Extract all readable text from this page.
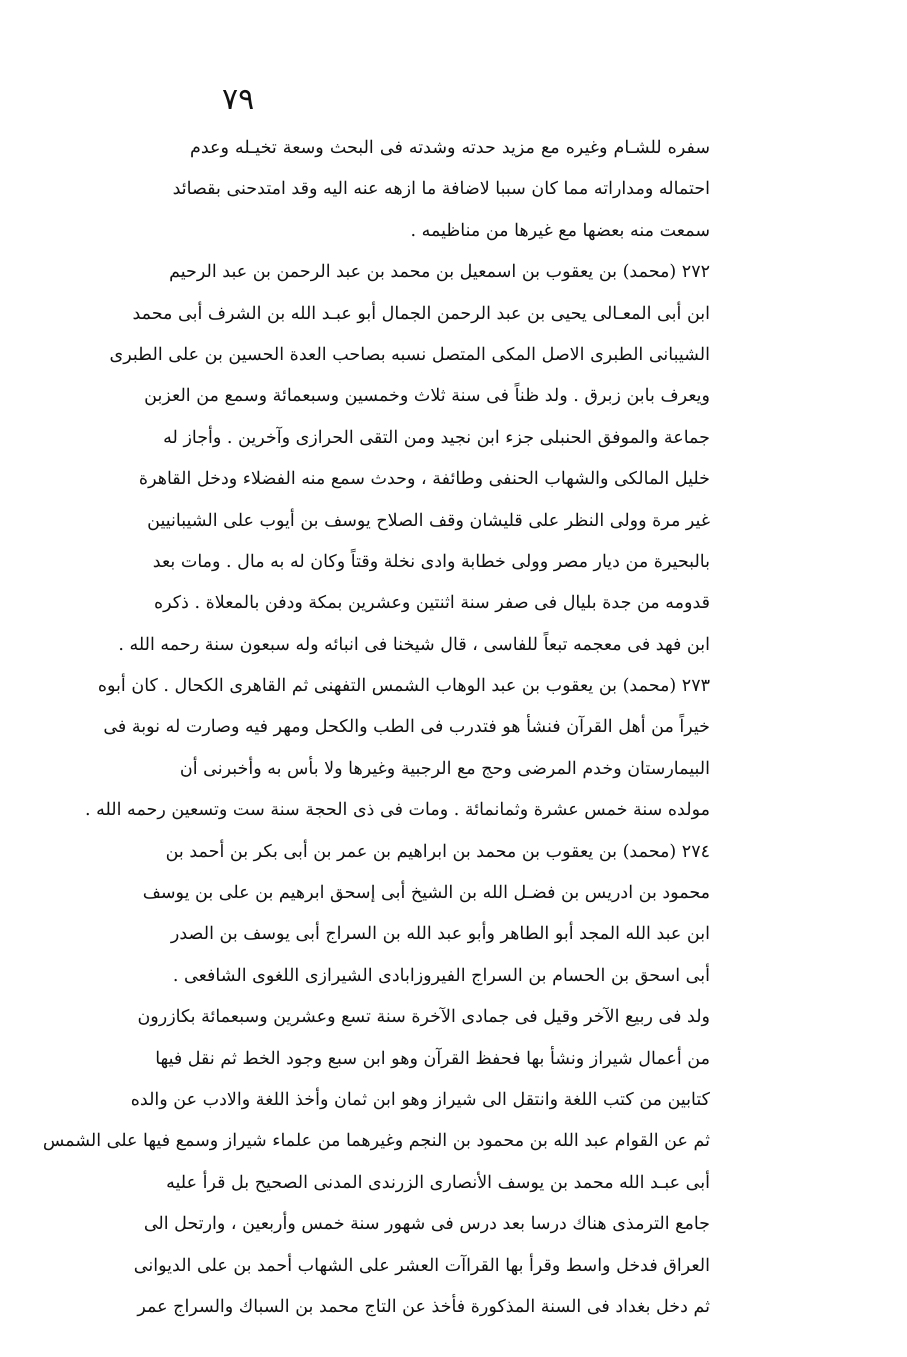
٧٩
سفره للشـام وغيره مع مزيد حدته وشدته فى البحث وسعة تخيـله وعدم
احتماله ومداراته مما كان سببا لاضافة ما ازهه عنه اليه وقد امتدحنى بقصائد
سمعت منه بعضها مع غيرها من مناظيمه .
٢٧٢ (محمد) بن يعقوب بن اسمعيل بن محمد بن عبد الرحمن بن عبد الرحيم
ابن أبى المعـالى يحيى بن عبد الرحمن الجمال أبو عبـد الله بن الشرف أبى محمد
الشيبانى الطبرى الاصل المكى المتصل نسبه بصاحب العدة الحسين بن على الطبرى
ويعرف بابن زبرق . ولد ظناً فى سنة ثلاث وخمسين وسبعمائة وسمع من العزبن
جماعة والموفق الحنبلى جزء ابن نجيد ومن التقى الحرازى وآخرين . وأجاز له
خليل المالكى والشهاب الحنفى وطائفة ، وحدث سمع منه الفضلاء ودخل القاهرة
غير مرة وولى النظر على قليشان وقف الصلاح يوسف بن أيوب على الشيبانيين
بالبحيرة من ديار مصر وولى خطابة وادى نخلة وقتاً وكان له به مال . ومات بعد
قدومه من جدة بليال فى صفر سنة اثنتين وعشرين بمكة ودفن بالمعلاة . ذكره
ابن فهد فى معجمه تبعاً للفاسى ، قال شيخنا فى انبائه وله سبعون سنة رحمه الله .
٢٧٣ (محمد) بن يعقوب بن عبد الوهاب الشمس التفهنى ثم القاهرى الكحال . كان أبوه
خيراً من أهل القرآن فنشأ هو فتدرب فى الطب والكحل ومهر فيه وصارت له نوبة فى
البيمارستان وخدم المرضى وحج مع الرجبية وغيرها ولا بأس به وأخبرنى أن
مولده سنة خمس عشرة وثمانمائة . ومات فى ذى الحجة سنة ست وتسعين رحمه الله .
٢٧٤ (محمد) بن يعقوب بن محمد بن ابراهيم بن عمر بن أبى بكر بن أحمد بن
محمود بن ادريس بن فضـل الله بن الشيخ أبى إسحق ابرهيم بن على بن يوسف
ابن عبد الله المجد أبو الطاهر وأبو عبد الله بن السراج أبى يوسف بن الصدر
أبى اسحق بن الحسام بن السراج الفيروزابادى الشيرازى اللغوى الشافعى .
ولد فى ربيع الآخر وقيل فى جمادى الآخرة سنة تسع وعشرين وسبعمائة بكازرون
من أعمال شيراز ونشأ بها فحفظ القرآن وهو ابن سبع وجود الخط ثم نقل فيها
كتابين من كتب اللغة وانتقل الى شيراز وهو ابن ثمان وأخذ اللغة والادب عن والده
ثم عن القوام عبد الله بن محمود بن النجم وغيرهما من علماء شيراز وسمع فيها على الشمس
أبى عبـد الله محمد بن يوسف الأنصارى الزرندى المدنى الصحيح بل قرأ عليه
جامع الترمذى هناك درسا بعد درس فى شهور سنة خمس وأربعين ، وارتحل الى
العراق فدخل واسط وقرأ بها القراآت العشر على الشهاب أحمد بن على الديوانى
ثم دخل بغداد فى السنة المذكورة فأخذ عن التاج محمد بن السباك والسراج عمر
